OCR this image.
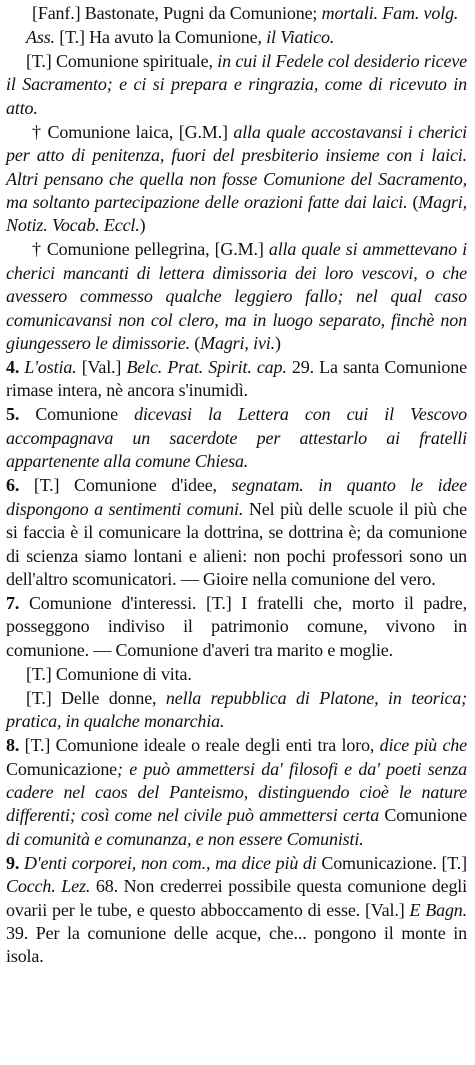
[Fanf.] Bastonate, Pugni da Comunione; mortali. Fam. volg.

Ass. [T.] Ha avuto la Comunione, il Viatico.

[T.] Comunione spirituale, in cui il Fedele col desiderio riceve il Sacramento; e ci si prepara e ringrazia, come di ricevuto in atto.

† Comunione laica, [G.M.] alla quale accostavansi i cherici per atto di penitenza, fuori del presbiterio insieme con i laici. Altri pensano che quella non fosse Comunione del Sacramento, ma soltanto partecipazione delle orazioni fatte dai laici. (Magri, Notiz. Vocab. Eccl.)

† Comunione pellegrina, [G.M.] alla quale si ammettevano i cherici mancanti di lettera dimissoria dei loro vescovi, o che avessero commesso qualche leggiero fallo; nel qual caso comunicavansi non col clero, ma in luogo separato, finchè non giungessero le dimissorie. (Magri, ivi.)

4. L'ostia. [Val.] Belc. Prat. Spirit. cap. 29. La santa Comunione rimase intera, nè ancora s'inumidì.

5. Comunione dicevasi la Lettera con cui il Vescovo accompagnava un sacerdote per attestarlo ai fratelli appartenente alla comune Chiesa.

6. [T.] Comunione d'idee, segnatam. in quanto le idee dispongono a sentimenti comuni. Nel più delle scuole il più che si faccia è il comunicare la dottrina, se dottrina è; da comunione di scienza siamo lontani e alieni: non pochi professori sono un dell'altro scomunicatori. — Gioire nella comunione del vero.

7. Comunione d'interessi. [T.] I fratelli che, morto il padre, posseggono indiviso il patrimonio comune, vivono in comunione. — Comunione d'averi tra marito e moglie.

[T.] Comunione di vita.

[T.] Delle donne, nella repubblica di Platone, in teorica; pratica, in qualche monarchia.

8. [T.] Comunione ideale o reale degli enti tra loro, dice più che Comunicazione; e può ammettersi da' filosofi e da' poeti senza cadere nel caos del Panteismo, distinguendo cioè le nature differenti; così come nel civile può ammettersi certa Comunione di comunità e comunanza, e non essere Comunisti.

9. D'enti corporei, non com., ma dice più di Comunicazione. [T.] Cocch. Lez. 68. Non crederrei possibile questa comunione degli ovarii per le tube, e questo abboccamento di esse. [Val.] E Bagn. 39. Per la comunione delle acque, che... pongono il monte in isola.
